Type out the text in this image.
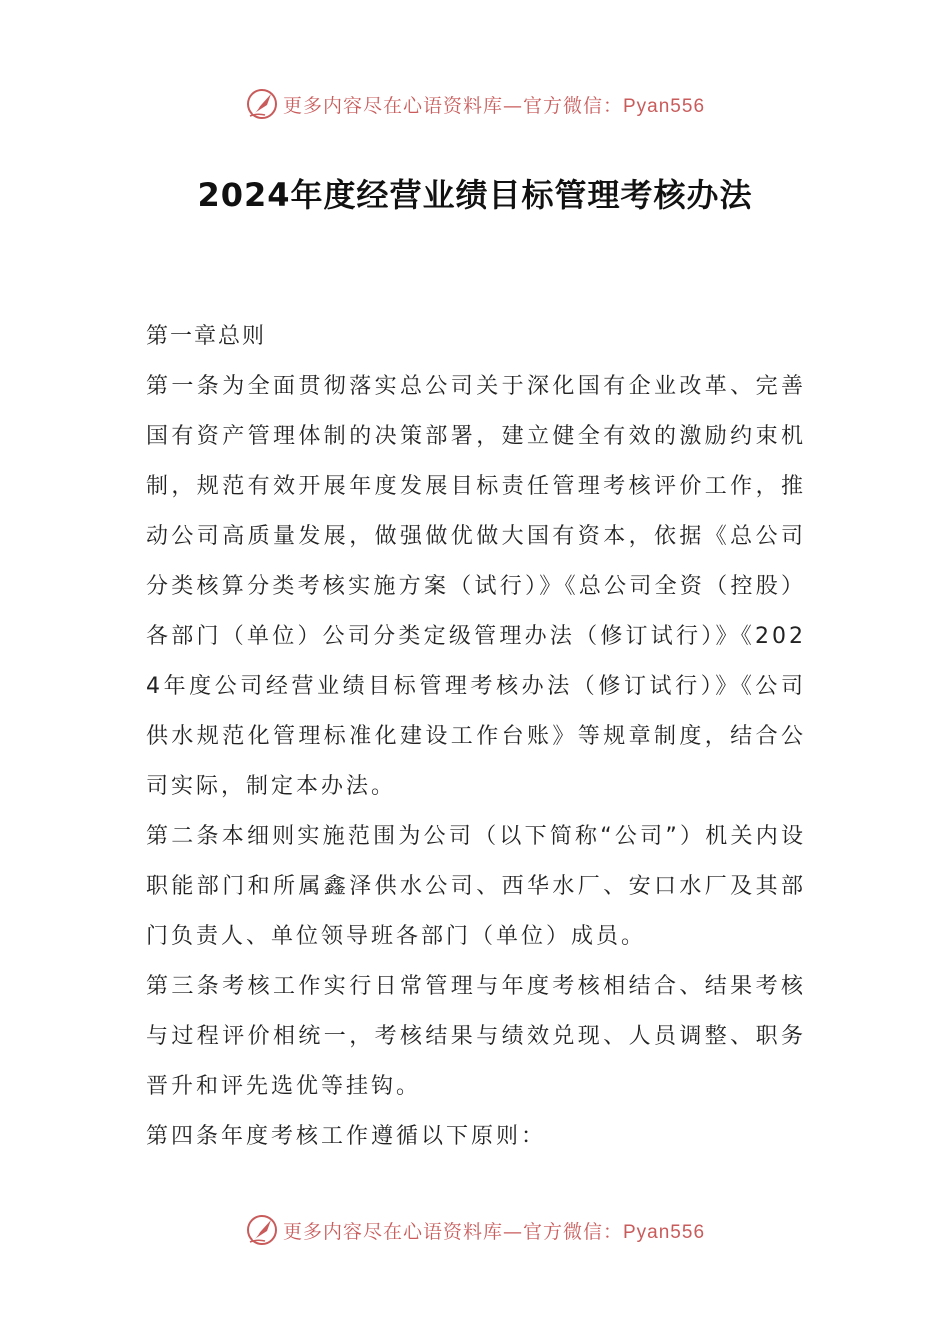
更多内容尽在心语资料库—官方微信：Pyan556
2024年度经营业绩目标管理考核办法

第一章总则

第一条为全面贯彻落实总公司关于深化国有企业改革、完善国有资产管理体制的决策部署，建立健全有效的激励约束机制，规范有效开展年度发展目标责任管理考核评价工作，推动公司高质量发展，做强做优做大国有资本，依据《总公司分类核算分类考核实施方案（试行）》《总公司全资（控股）各部门（单位）公司分类定级管理办法（修订试行）》《2024年度公司经营业绩目标管理考核办法（修订试行）》《公司供水规范化管理标准化建设工作台账》等规章制度，结合公司实际，制定本办法。

第二条本细则实施范围为公司（以下简称“公司”）机关内设职能部门和所属鑫泽供水公司、西华水厂、安口水厂及其部门负责人、单位领导班各部门（单位）成员。

第三条考核工作实行日常管理与年度考核相结合、结果考核与过程评价相统一，考核结果与绩效兑现、人员调整、职务晋升和评先选优等挂钩。

第四条年度考核工作遵循以下原则：

更多内容尽在心语资料库—官方微信：Pyan556
